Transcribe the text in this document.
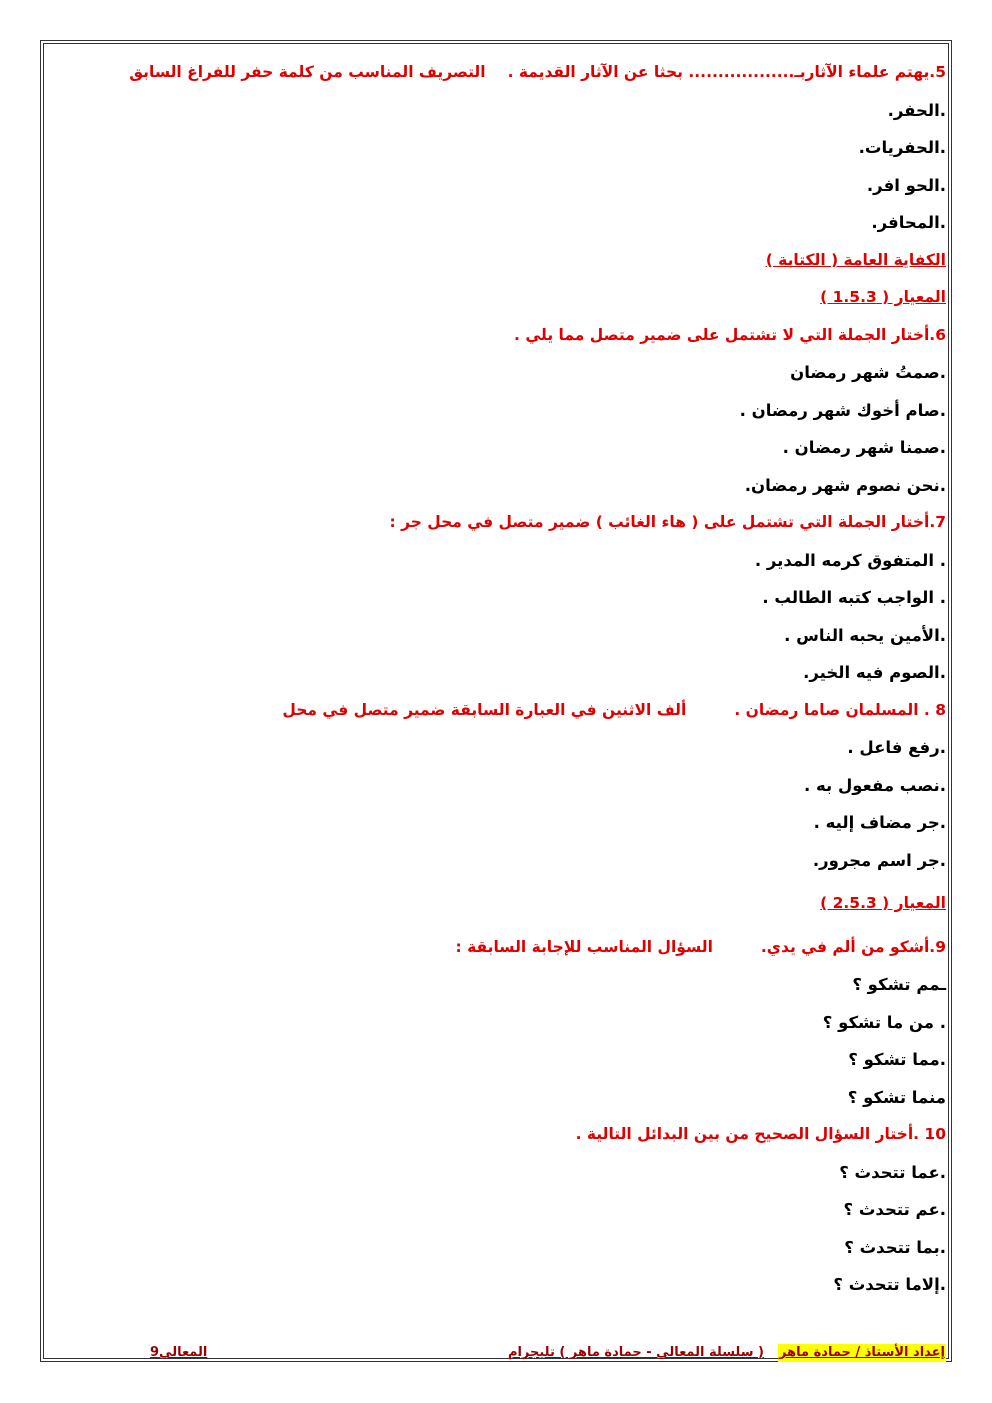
5.يهتم علماء الآثاربـ.................. بحثا عن الآثار القديمة .التصريف المناسب من كلمة حفر للفراغ السابق
.الحفر.
.الحفريات.
.الحو افر.
.المحافر.
الكفاية العامة ( الكتابة )
المعيار ( 1.5.3 )
6.أختار الجملة التي لا تشتمل على ضمير متصل مما يلي .
.صمتُ شهر رمضان
.صام أخوك شهر رمضان .
.صمنا شهر رمضان .
.نحن نصوم شهر رمضان.
7.أختار الجملة التي تشتمل على ( هاء الغائب ) ضمير متصل في محل جر :
. المتفوق كرمه المدير .
. الواجب كتبه الطالب .
.الأمين يحبه الناس .
.الصوم فيه الخير.
8 . المسلمان صاما رمضان .ألف الاثنين في العبارة السابقة ضمير متصل في محل
.رفع فاعل .
.نصب مفعول به .
.جر مضاف إليه .
.جر اسم مجرور.
المعيار ( 2.5.3 )
9.أشكو من ألم في يدي.السؤال المناسب للإجابة السابقة :
ـمم تشكو ؟
. من ما تشكو ؟
.مما تشكو ؟
منما تشكو ؟
10 .أختار السؤال الصحيح من بين البدائل التالية .
.عما تتحدث ؟
.عم تتحدث ؟
.بما تتحدث ؟
.إلاما تتحدث ؟
إعداد الأستاذ / حمادة ماهر
( سلسلة المعالي - حمادة ماهر ) تليجرام
المعالي9
